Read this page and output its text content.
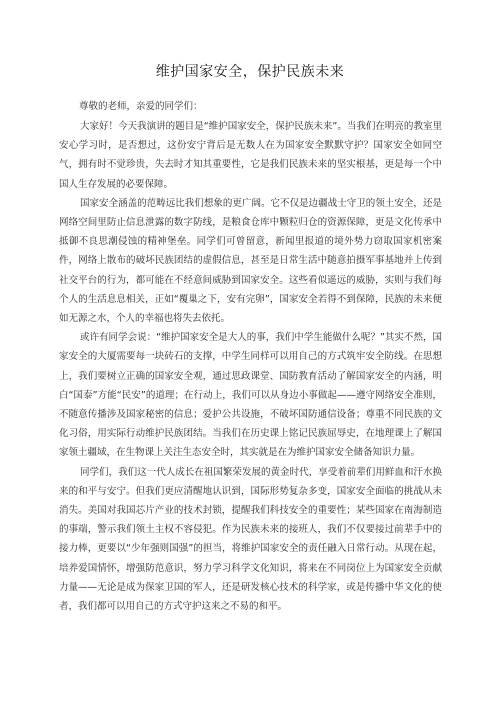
维护国家安全，保护民族未来

尊敬的老师，亲爱的同学们：

大家好！今天我演讲的题目是“维护国家安全，保护民族未来”。当我们在明亮的教室里安心学习时，是否想过，这份安宁背后是无数人在为国家安全默默守护？国家安全如同空气，拥有时不觉珍贵，失去时才知其重要性，它是我们民族未来的坚实根基，更是每一个中国人生存发展的必要保障。

国家安全涵盖的范畴远比我们想象的更广阔。它不仅是边疆战士守卫的领土安全，还是网络空间里防止信息泄露的数字防线，是粮食仓库中颗粒归仓的资源保障，更是文化传承中抵御不良思潮侵蚀的精神堡垒。同学们可曾留意，新闻里报道的境外势力窃取国家机密案件，网络上散布的破坏民族团结的虚假信息，甚至是日常生活中随意拍摄军事基地并上传到社交平台的行为，都可能在不经意间威胁到国家安全。这些看似遥远的威胁，实则与我们每个人的生活息息相关，正如“覆巢之下，安有完卵”，国家安全若得不到保障，民族的未来便如无源之水，个人的幸福也将失去依托。

或许有同学会说：“维护国家安全是大人的事，我们中学生能做什么呢？”其实不然，国家安全的大厦需要每一块砖石的支撑，中学生同样可以用自己的方式筑牢安全防线。在思想上，我们要树立正确的国家安全观，通过思政课堂、国防教育活动了解国家安全的内涵，明白“国泰”方能“民安”的道理；在行动上，我们可以从身边小事做起——遵守网络安全准则，不随意传播涉及国家秘密的信息；爱护公共设施，不破坏国防通信设备；尊重不同民族的文化习俗，用实际行动维护民族团结。当我们在历史课上铭记民族屈辱史，在地理课上了解国家领土疆域，在生物课上关注生态安全时，其实就是在为维护国家安全储备知识力量。

同学们，我们这一代人成长在祖国繁荣发展的黄金时代，享受着前辈们用鲜血和汗水换来的和平与安宁。但我们更应清醒地认识到，国际形势复杂多变，国家安全面临的挑战从未消失。美国对我国芯片产业的技术封锁，提醒我们科技安全的重要性；某些国家在南海制造的事端，警示我们领土主权不容侵犯。作为民族未来的接班人，我们不仅要接过前辈手中的接力棒，更要以“少年强则国强”的担当，将维护国家安全的责任融入日常行动。从现在起，培养爱国情怀，增强防范意识，努力学习科学文化知识，将来在不同岗位上为国家安全贡献力量——无论是成为保家卫国的军人，还是研发核心技术的科学家，或是传播中华文化的使者，我们都可以用自己的方式守护这来之不易的和平。
